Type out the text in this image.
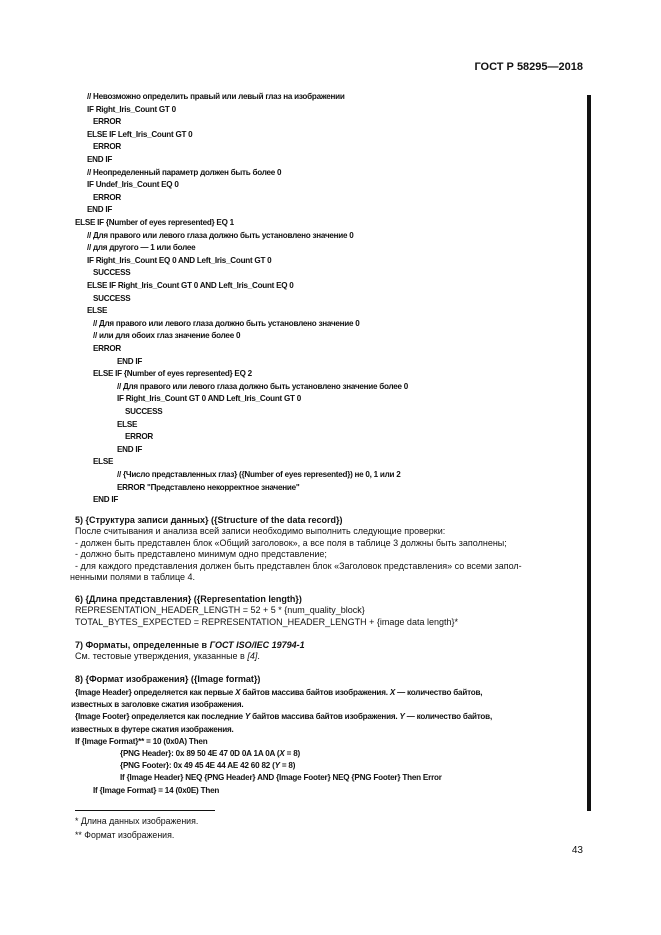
ГОСТ Р 58295—2018
// Невозможно определить правый или левый глаз на изображении
IF Right_Iris_Count GT 0
ERROR
ELSE IF Left_Iris_Count GT 0
ERROR
END IF
// Неопределенный параметр должен быть более 0
IF Undef_Iris_Count EQ 0
ERROR
END IF
ELSE IF {Number of eyes represented} EQ 1
// Для правого или левого глаза должно быть установлено значение 0
// для другого — 1 или более
IF Right_Iris_Count EQ 0 AND Left_Iris_Count GT 0
SUCCESS
ELSE IF Right_Iris_Count GT 0 AND Left_Iris_Count EQ 0
SUCCESS
ELSE
// Для правого или левого глаза должно быть установлено значение 0
// или для обоих глаз значение более 0
ERROR
END IF
ELSE IF {Number of eyes represented} EQ 2
// Для правого или левого глаза должно быть установлено значение более 0
IF Right_Iris_Count GT 0 AND Left_Iris_Count GT 0
SUCCESS
ELSE
ERROR
END IF
ELSE
// {Число представленных глаз} ({Number of eyes represented}) не 0, 1 или 2
ERROR "Представлено некорректное значение"
END IF

5) {Структура записи данных} ({Structure of the data record})

После считывания и анализа всей записи необходимо выполнить следующие проверки:

- должен быть представлен блок «Общий заголовок», а все поля в таблице 3 должны быть заполнены;

- должно быть представлено минимум одно представление;

- для каждого представления должен быть представлен блок «Заголовок представления» со всеми запол-

ненными полями в таблице 4.

6) {Длина представления} ({Representation length})

REPRESENTATION_HEADER_LENGTH = 52 + 5 * {num_quality_block}

TOTAL_BYTES_EXPECTED = REPRESENTATION_HEADER_LENGTH + {image data length}*

7) Форматы, определенные в ГОСТ ISO/IEC 19794-1

См. тестовые утверждения, указанные в [4].

8) {Формат изображения} ({Image format})

{Image Header} определяется как первые X байтов массива байтов изображения. X — количество байтов,

известных в заголовке сжатия изображения.

{Image Footer} определяется как последние Y байтов массива байтов изображения. Y — количество байтов,

известных в футере сжатия изображения.

If {Image Format}** = 10 (0x0A) Then

{PNG Header}: 0x 89 50 4E 47 0D 0A 1A 0A (X = 8)

{PNG Footer}: 0x 49 45 4E 44 AE 42 60 82 (Y = 8)

If {Image Header} NEQ {PNG Header} AND {Image Footer} NEQ {PNG Footer} Then Error

If {Image Format} = 14 (0x0E) Then

* Длина данных изображения.
** Формат изображения.
43
